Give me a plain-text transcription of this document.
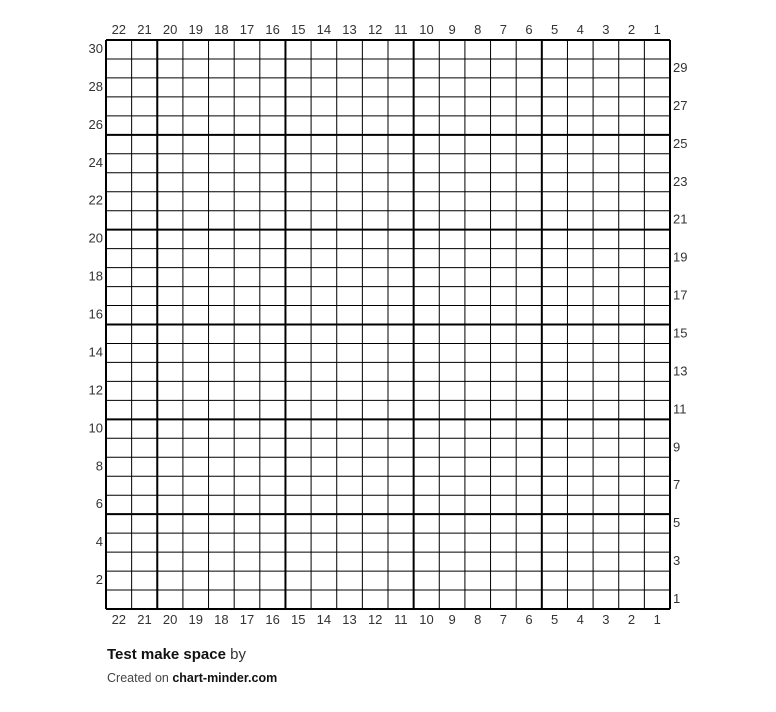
22 21 20 19 18 17 16 15 14 13 12 11 10 9 8 7 6 5 4 3 2 1
22 21 20 19 18 17 16 15 14 13 12 11 10 9 8 7 6 5 4 3 2 1
30
28
26
24
22
20
18
16
14
12
10
8
6
4
2
29
27
25
23
21
19
17
15
13
11
9
7
5
3
1
Test make space by
Created on chart-minder.com
